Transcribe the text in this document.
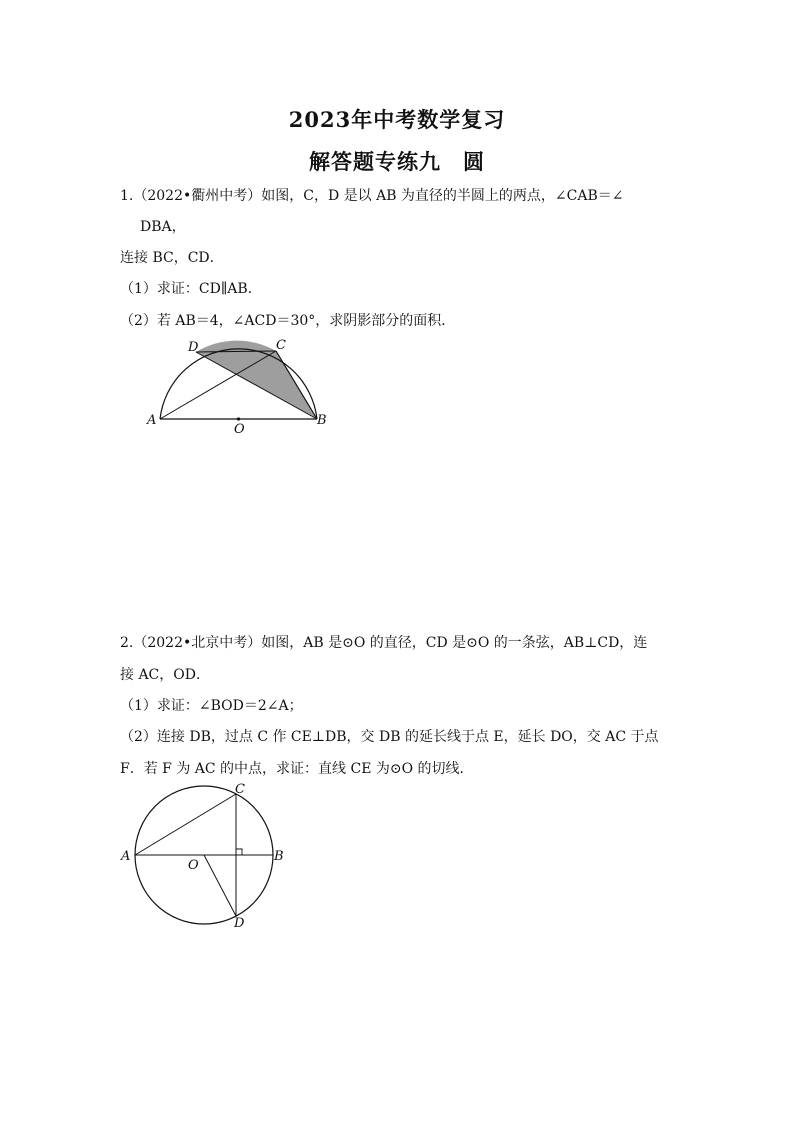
2023年中考数学复习
解答题专练九　圆
1.（2022•衢州中考）如图，C，D 是以 AB 为直径的半圆上的两点，∠CAB＝∠
DBA，
连接 BC，CD．
（1）求证：CD∥AB．
（2）若 AB＝4，∠ACD＝30°，求阴影部分的面积．
A	B
C
D
O
2.（2022•北京中考）如图，AB 是⊙O 的直径，CD 是⊙O 的一条弦，AB⊥CD，连
接 AC，OD．
（1）求证：∠BOD＝2∠A；
（2）连接 DB，过点 C 作 CE⊥DB，交 DB 的延长线于点 E，延长 DO，交 AC 于点
F．若 F 为 AC 的中点，求证：直线 CE 为⊙O 的切线．
A	B
C
D
O
